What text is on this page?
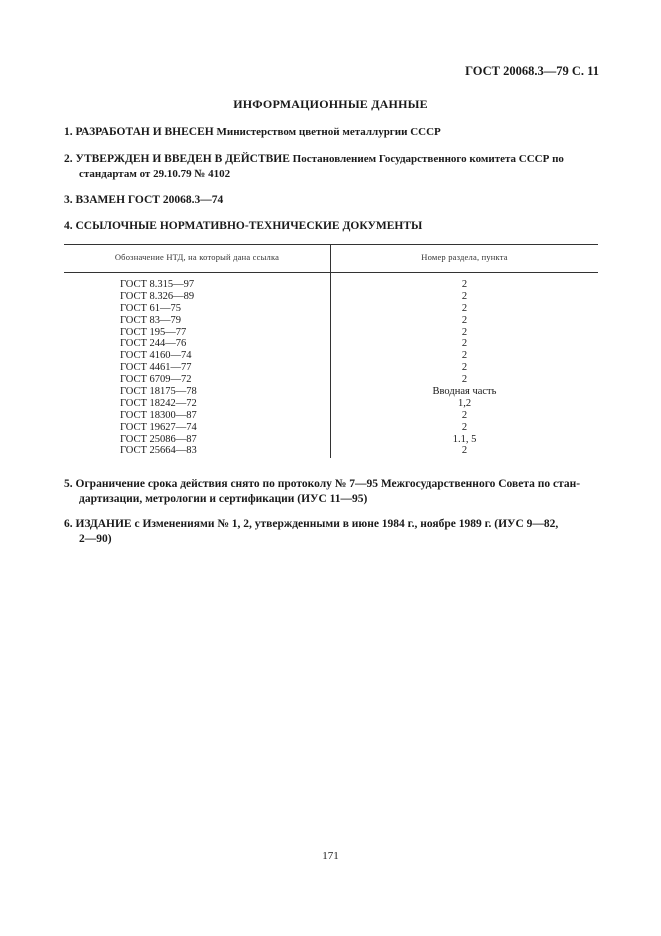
ГОСТ 20068.3—79 С. 11
ИНФОРМАЦИОННЫЕ ДАННЫЕ
1. РАЗРАБОТАН И ВНЕСЕН Министерством цветной металлургии СССР
2. УТВЕРЖДЕН И ВВЕДЕН В ДЕЙСТВИЕ Постановлением Государственного комитета СССР по
стандартам от 29.10.79 № 4102
3. ВЗАМЕН ГОСТ 20068.3—74
4. ССЫЛОЧНЫЕ НОРМАТИВНО-ТЕХНИЧЕСКИЕ ДОКУМЕНТЫ
Обозначение НТД, на который дана ссылка	Номер раздела, пункта
ГОСТ 8.315—97	2
ГОСТ 8.326—89	2
ГОСТ 61—75	2
ГОСТ 83—79	2
ГОСТ 195—77	2
ГОСТ 244—76	2
ГОСТ 4160—74	2
ГОСТ 4461—77	2
ГОСТ 6709—72	2
ГОСТ 18175—78	Вводная часть
ГОСТ 18242—72	1,2
ГОСТ 18300—87	2
ГОСТ 19627—74	2
ГОСТ 25086—87	1.1, 5
ГОСТ 25664—83	2
5. Ограничение срока действия снято по протоколу № 7—95 Межгосударственного Совета по стан-
дартизации, метрологии и сертификации (ИУС 11—95)
6. ИЗДАНИЕ с Изменениями № 1, 2, утвержденными в июне 1984 г., ноябре 1989 г. (ИУС 9—82,
2—90)
171
